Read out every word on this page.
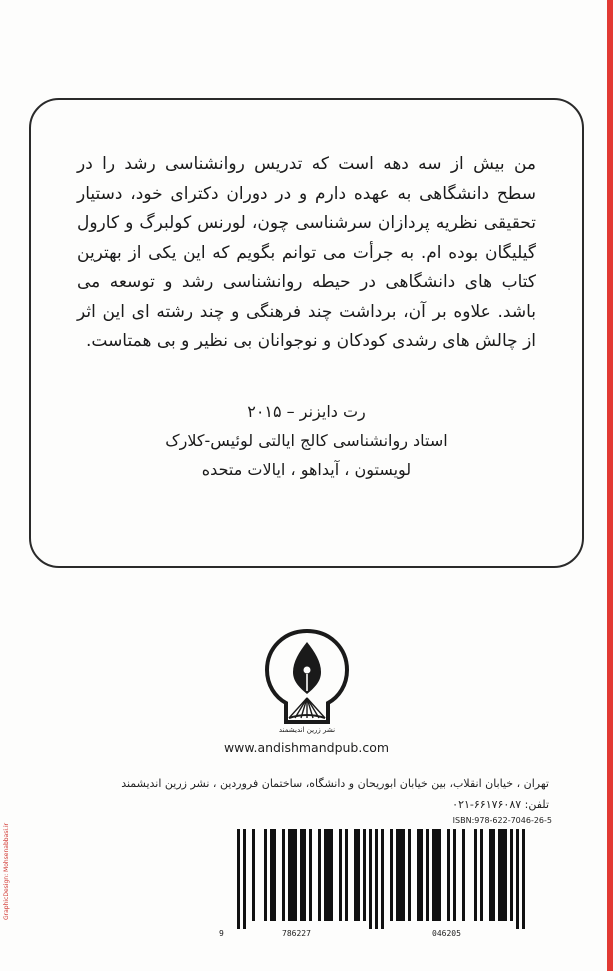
GraphicDesign: Mohsenabbasi.ir

من بیش از سه دهه است که تدریس روانشناسی رشد را در سطح دانشگاهی به عهده دارم و در دوران دکترای خود، دستیار تحقیقی نظریه پردازان سرشناسی چون، لورنس کولبرگ و کارول گیلیگان بوده ام. به جرأت می توانم بگویم که این یکی از بهترین کتاب های دانشگاهی در حیطه روانشناسی رشد و توسعه می باشد. علاوه بر آن، برداشت چند فرهنگی و چند رشته ای این اثر از چالش های رشدی کودکان و نوجوانان بی نظیر و بی همتاست.

رت دایزنر – ۲۰۱۵
استاد روانشناسی کالج ایالتی لوئیس-کلارک
لویستون ، آیداهو ، ایالات متحده
نشر زرین اندیشمند
www.andishmandpub.com
تهران ، خیابان انقلاب، بین خیابان ابوریحان و دانشگاه، ساختمان فروردین ، نشر زرین اندیشمند
تلفن: ۶۶۱۷۶۰۸۷-۰۲۱
ISBN:978-622-7046-26-5
9	786227	046205
